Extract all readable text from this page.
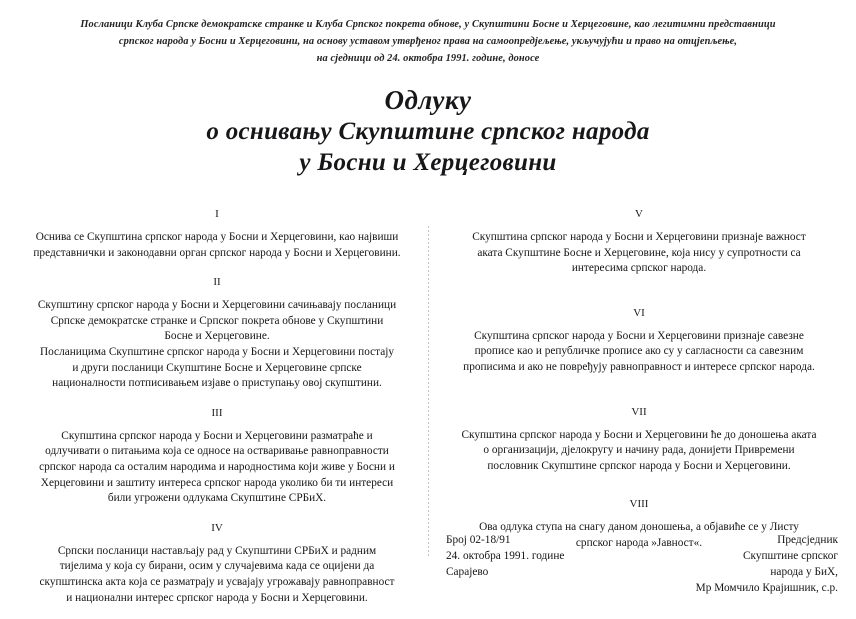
Посланици Клуба Српске демократске странке и Клуба Српског покрета обнове, у Скупштини Босне и Херцеговине, као легитимни представници
српског народа у Босни и Херцеговини, на основу уставом утврђеног права на самоопредјељење, укључујући и право на отцјепљење,
на сједници од 24. октобра 1991. године, доносе
Одлуку
о оснивању Скупштине српског народа
у Босни и Херцеговини
I
Оснива се Скупштина српског народа у Босни и Херцеговини, као највиши
представнички и законодавни орган српског народа у Босни и Херцеговини.
II
Скупштину српског народа у Босни и Херцеговини сачињавају посланици
Српске демократске странке и Српског покрета обнове у Скупштини
Босне и Херцеговине.
Посланицима Скупштине српског народа у Босни и Херцеговини постају
и други посланици Скупштине Босне и Херцеговине српске
националности потписивањем изјаве о приступању овој скупштини.
III
Скупштина српског народа у Босни и Херцеговини разматраће и
одлучивати о питањима која се односе на остваривање равноправности
српског народа са осталим народима и народностима који живе у Босни и
Херцеговини и заштиту интереса српског народа уколико би ти интереси
били угрожени одлукама Скупштине СРБиХ.
IV
Српски посланици настављају рад у Скупштини СРБиХ и радним
тијелима у која су бирани, осим у случајевима када се оцијени да
скупштинска акта која се разматрају и усвајају угрожавају равноправност
и национални интерес српског народа у Босни и Херцеговини.
V
Скупштина српског народа у Босни и Херцеговини признаје важност
аката Скупштине Босне и Херцеговине, која нису у супротности са
интересима српског народа.
VI
Скупштина српског народа у Босни и Херцеговини признаје савезне
прописе као и републичке прописе ако су у сагласности са савезним
прописима и ако не повређују равноправност и интересе српског народа.
VII
Скупштина српског народа у Босни и Херцеговини ће до доношења аката
о организацији, дјелокругу и начину рада, донијети Привремени
пословник Скупштине српског народа у Босни и Херцеговини.
VIII
Ова одлука ступа на снагу даном доношења, а објавиће се у Листу
српског народа »Јавност«.
Број 02-18/91
24. октобра 1991. године
Сарајево
Предсједник
Скупштине српског
народа у БиХ,
Мр Момчило Крајишник, с.р.
